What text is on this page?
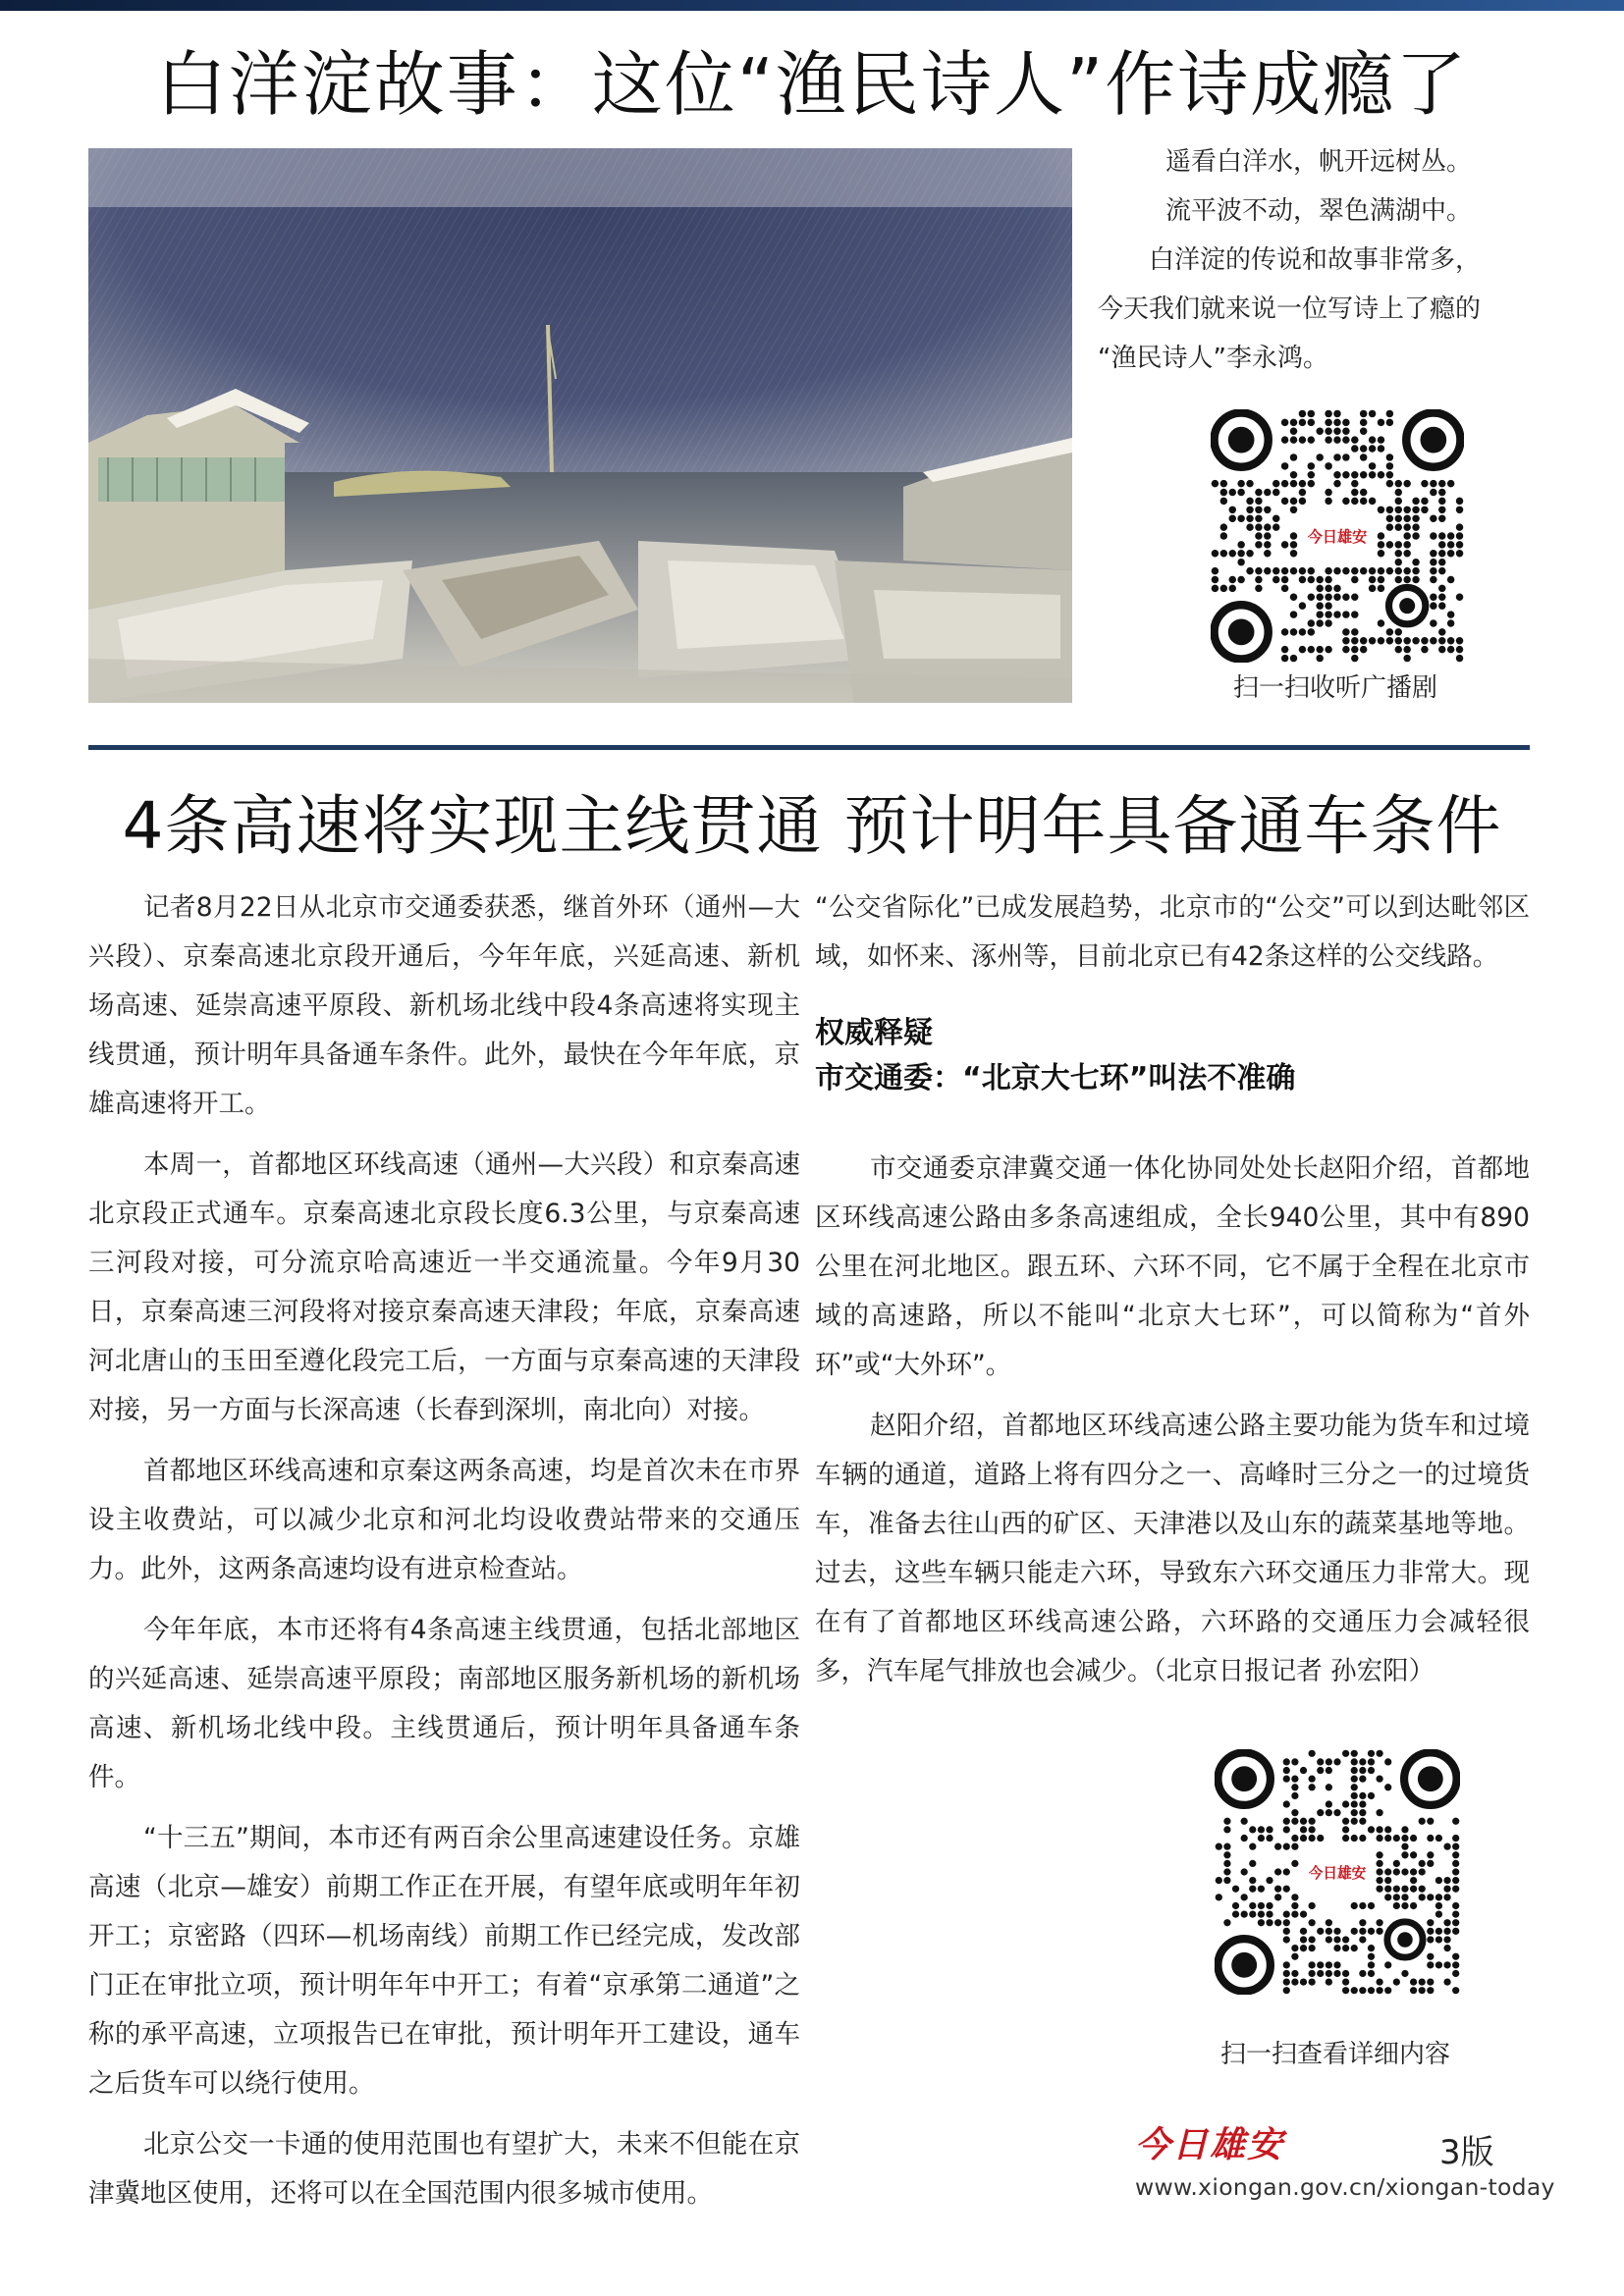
白洋淀故事：这位“渔民诗人”作诗成瘾了
遥看白洋水，帆开远树丛。
流平波不动，翠色满湖中。
白洋淀的传说和故事非常多，
今天我们就来说一位写诗上了瘾的
“渔民诗人”李永鸿。
今日雄安
扫一扫收听广播剧
4条高速将实现主线贯通 预计明年具备通车条件

记者8月22日从北京市交通委获悉，继首外环（通州—大兴段）、京秦高速北京段开通后，今年年底，兴延高速、新机场高速、延崇高速平原段、新机场北线中段4条高速将实现主线贯通，预计明年具备通车条件。此外，最快在今年年底，京雄高速将开工。

本周一，首都地区环线高速（通州—大兴段）和京秦高速北京段正式通车。京秦高速北京段长度6.3公里，与京秦高速三河段对接，可分流京哈高速近一半交通流量。今年9月30日，京秦高速三河段将对接京秦高速天津段；年底，京秦高速河北唐山的玉田至遵化段完工后，一方面与京秦高速的天津段对接，另一方面与长深高速（长春到深圳，南北向）对接。

首都地区环线高速和京秦这两条高速，均是首次未在市界设主收费站，可以减少北京和河北均设收费站带来的交通压力。此外，这两条高速均设有进京检查站。

今年年底，本市还将有4条高速主线贯通，包括北部地区的兴延高速、延崇高速平原段；南部地区服务新机场的新机场高速、新机场北线中段。主线贯通后，预计明年具备通车条件。

“十三五”期间，本市还有两百余公里高速建设任务。京雄高速（北京—雄安）前期工作正在开展，有望年底或明年年初开工；京密路（四环—机场南线）前期工作已经完成，发改部门正在审批立项，预计明年年中开工；有着“京承第二通道”之称的承平高速，立项报告已在审批，预计明年开工建设，通车之后货车可以绕行使用。

北京公交一卡通的使用范围也有望扩大，未来不但能在京津冀地区使用，还将可以在全国范围内很多城市使用。

“公交省际化”已成发展趋势，北京市的“公交”可以到达毗邻区域，如怀来、涿州等，目前北京已有42条这样的公交线路。

权威释疑
市交通委：“北京大七环”叫法不准确

市交通委京津冀交通一体化协同处处长赵阳介绍，首都地区环线高速公路由多条高速组成，全长940公里，其中有890公里在河北地区。跟五环、六环不同，它不属于全程在北京市域的高速路，所以不能叫“北京大七环”，可以简称为“首外环”或“大外环”。

赵阳介绍，首都地区环线高速公路主要功能为货车和过境车辆的通道，道路上将有四分之一、高峰时三分之一的过境货车，准备去往山西的矿区、天津港以及山东的蔬菜基地等地。过去，这些车辆只能走六环，导致东六环交通压力非常大。现在有了首都地区环线高速公路，六环路的交通压力会减轻很多，汽车尾气排放也会减少。（北京日报记者 孙宏阳）

今日雄安
扫一扫查看详细内容
今日雄安	3版
www.xiongan.gov.cn/xiongan-today
